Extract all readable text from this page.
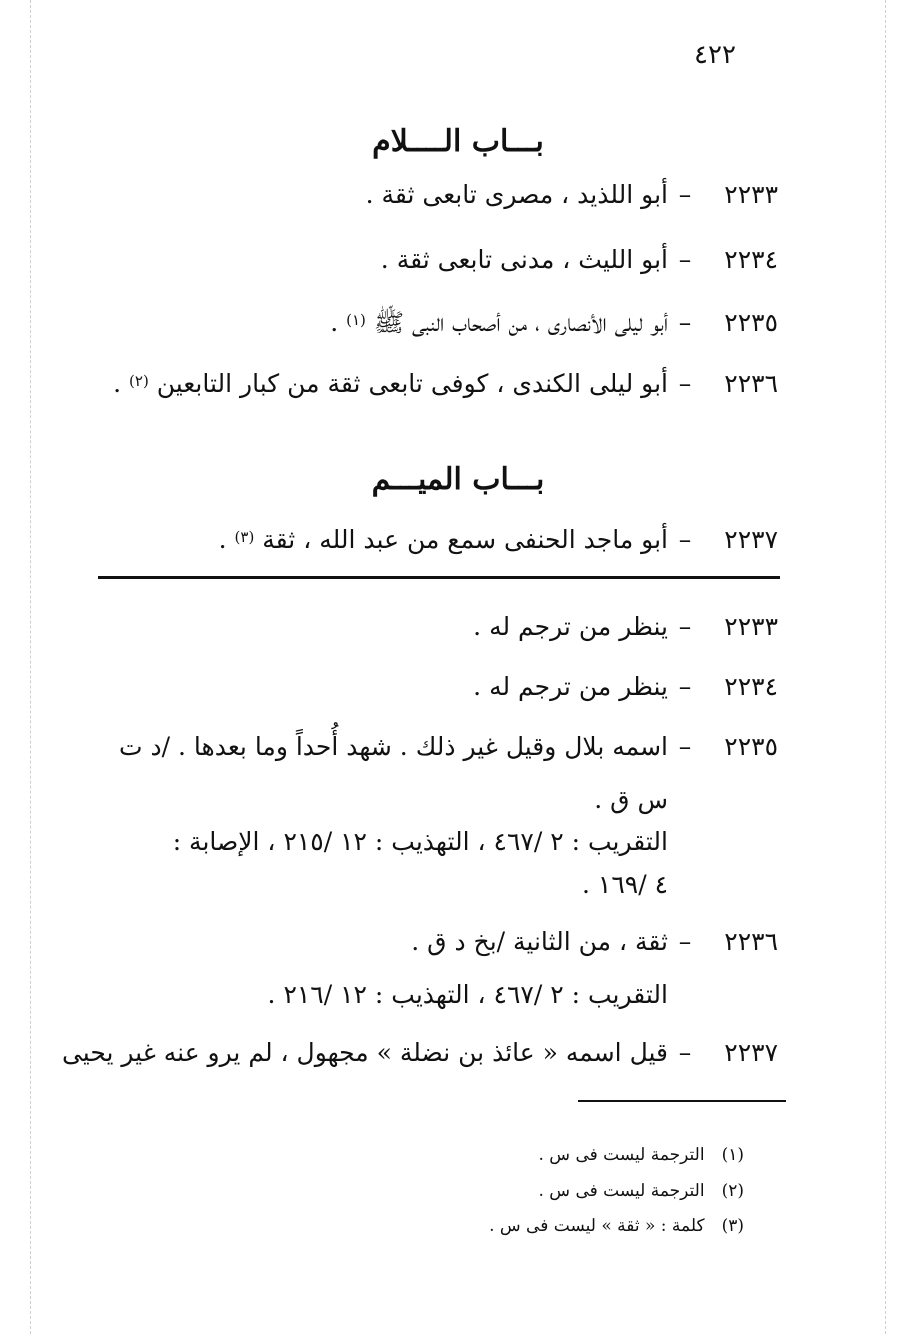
٤٢٢
بـــاب الــــلام
٢٢٣٣–أبو اللذيد ، مصرى تابعى ثقة .
٢٢٣٤–أبو الليث ، مدنى تابعى ثقة .
٢٢٣٥–أبو ليلى الأنصارى ، من أصحاب النبى ﷺ $^{(١)}$ .
٢٢٣٦–أبو ليلى الكندى ، كوفى تابعى ثقة من كبار التابعين $^{(٢)}$ .
بـــاب الميـــم
٢٢٣٧–أبو ماجد الحنفى سمع من عبد الله ، ثقة $^{(٣)}$ .
٢٢٣٣–ينظر من ترجم له .
٢٢٣٤–ينظر من ترجم له .
٢٢٣٥–اسمه بلال وقيل غير ذلك . شهد أُحداً وما بعدها . /د ت
س ق .
التقريب : ٢ /٤٦٧ ، التهذيب : ١٢ /٢١٥ ، الإصابة :
٤ /١٦٩ .
٢٢٣٦–ثقة ، من الثانية /بخ د ق .
التقريب : ٢ /٤٦٧ ، التهذيب : ١٢ /٢١٦ .
٢٢٣٧–قيل اسمه « عائذ بن نضلة » مجهول ، لم يرو عنه غير يحيى
(١) الترجمة ليست فى س .
(٢) الترجمة ليست فى س .
(٣) كلمة : « ثقة » ليست فى س .
